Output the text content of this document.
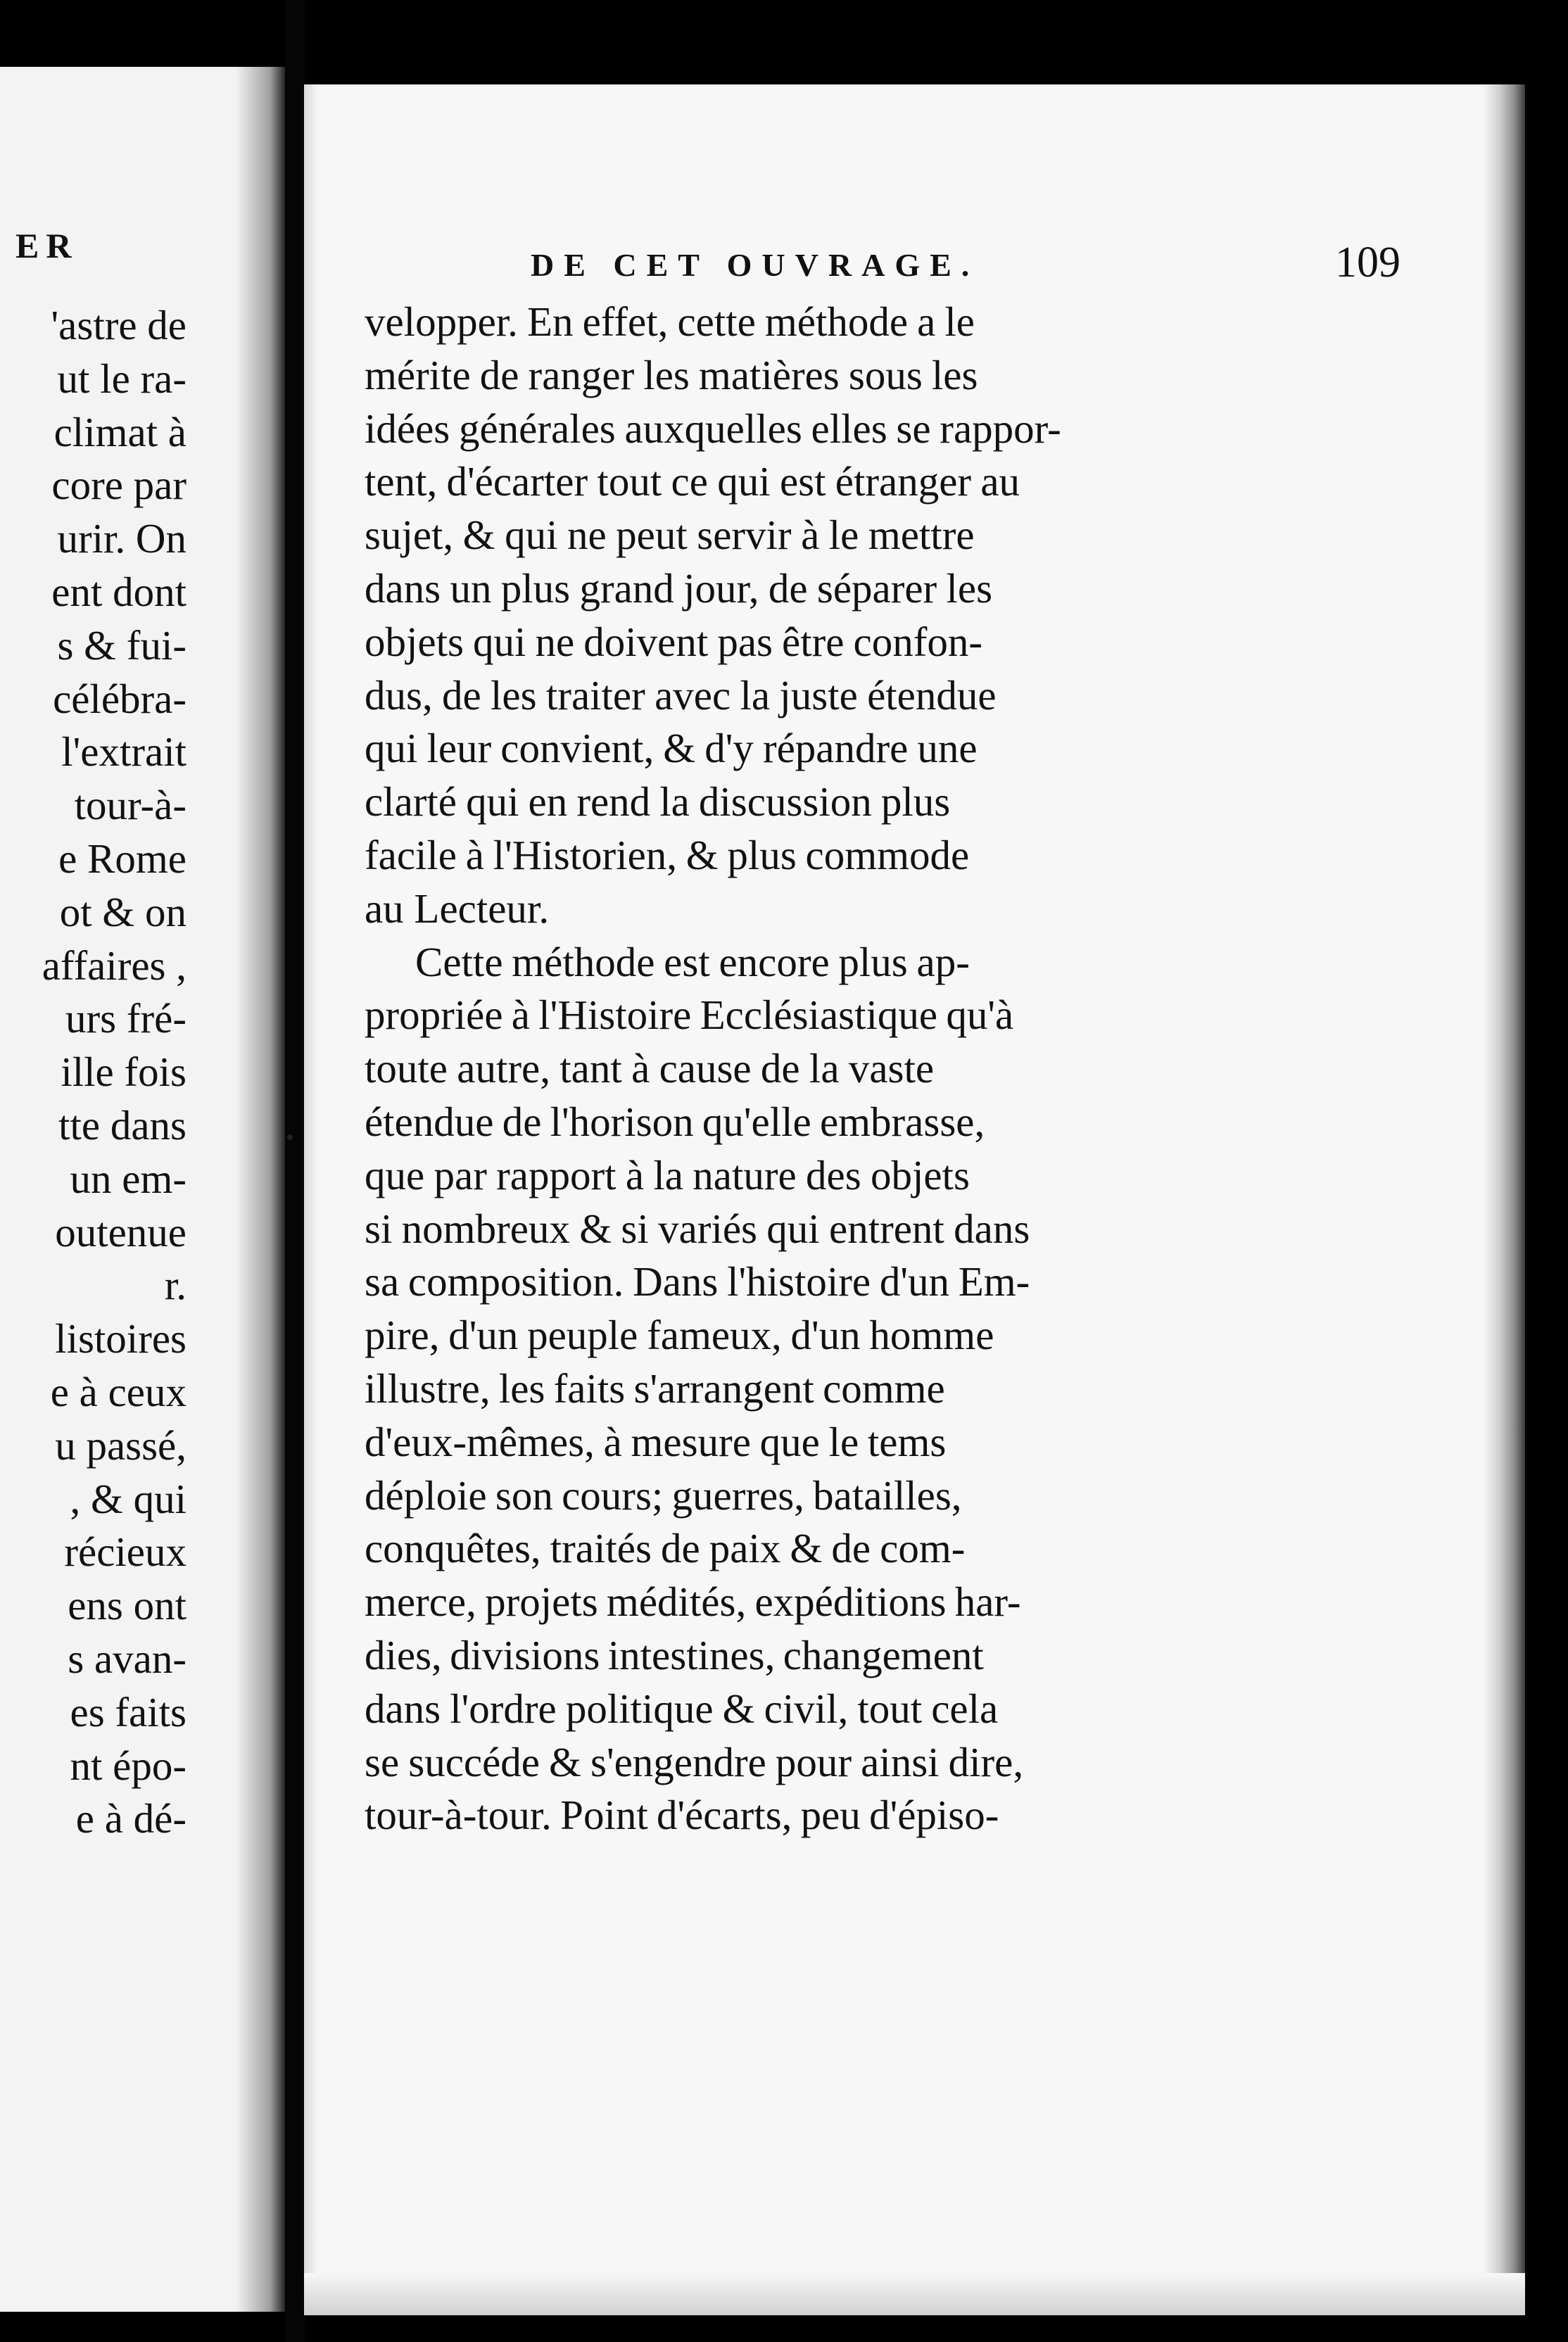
ER
'astre de
ut le ra-
climat à
core par
urir. On
ent dont
s & fui-
célébra-
l'extrait
tour-à-
e Rome
ot & on
affaires ,
urs fré-
ille fois
tte dans
un em-
outenue
r.
listoires
e à ceux
u passé,
, & qui
récieux
ens ont
s avan-
es faits
nt épo-
e à dé-
DE CET OUVRAGE.	109
velopper. En effet, cette méthode a le
mérite de ranger les matières sous les
idées générales auxquelles elles se rappor-
tent, d'écarter tout ce qui est étranger au
sujet, & qui ne peut servir à le mettre
dans un plus grand jour, de séparer les
objets qui ne doivent pas être confon-
dus, de les traiter avec la juste étendue
qui leur convient, & d'y répandre une
clarté qui en rend la discussion plus
facile à l'Historien, & plus commode
au Lecteur.
Cette méthode est encore plus ap-
propriée à l'Histoire Ecclésiastique qu'à
toute autre, tant à cause de la vaste
étendue de l'horison qu'elle embrasse,
que par rapport à la nature des objets
si nombreux & si variés qui entrent dans
sa composition. Dans l'histoire d'un Em-
pire, d'un peuple fameux, d'un homme
illustre, les faits s'arrangent comme
d'eux-mêmes, à mesure que le tems
déploie son cours; guerres, batailles,
conquêtes, traités de paix & de com-
merce, projets médités, expéditions har-
dies, divisions intestines, changement
dans l'ordre politique & civil, tout cela
se succéde & s'engendre pour ainsi dire,
tour-à-tour. Point d'écarts, peu d'épiso-
